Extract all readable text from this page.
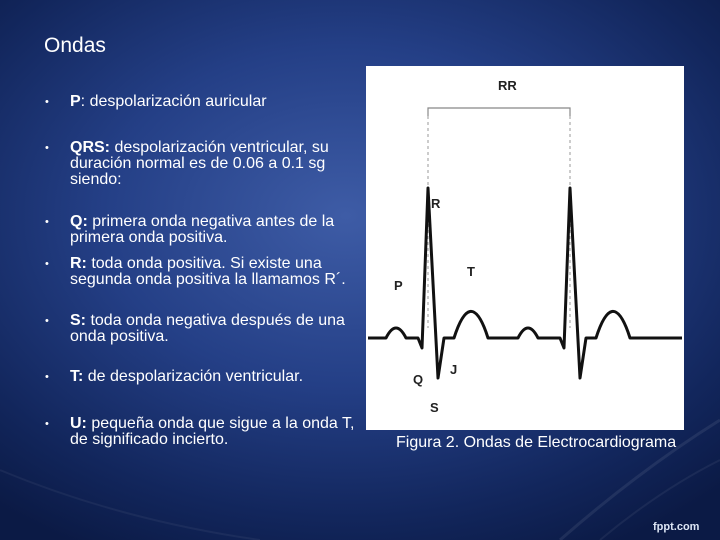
Ondas
•
•
•
•
•
•
•

P: despolarización auricular

QRS: despolarización ventricular, su duración normal es de 0.06 a 0.1 sg siendo:

Q: primera onda negativa antes de la primera onda positiva.

R: toda onda positiva. Si existe una segunda onda positiva la llamamos R´.

S: toda onda negativa después de una onda positiva.

T: de despolarización ventricular.

U: pequeña onda que sigue a la onda T, de significado incierto.

RR
R
P
T
J
Q
S
Figura 2. Ondas de Electrocardiograma
fppt.com
